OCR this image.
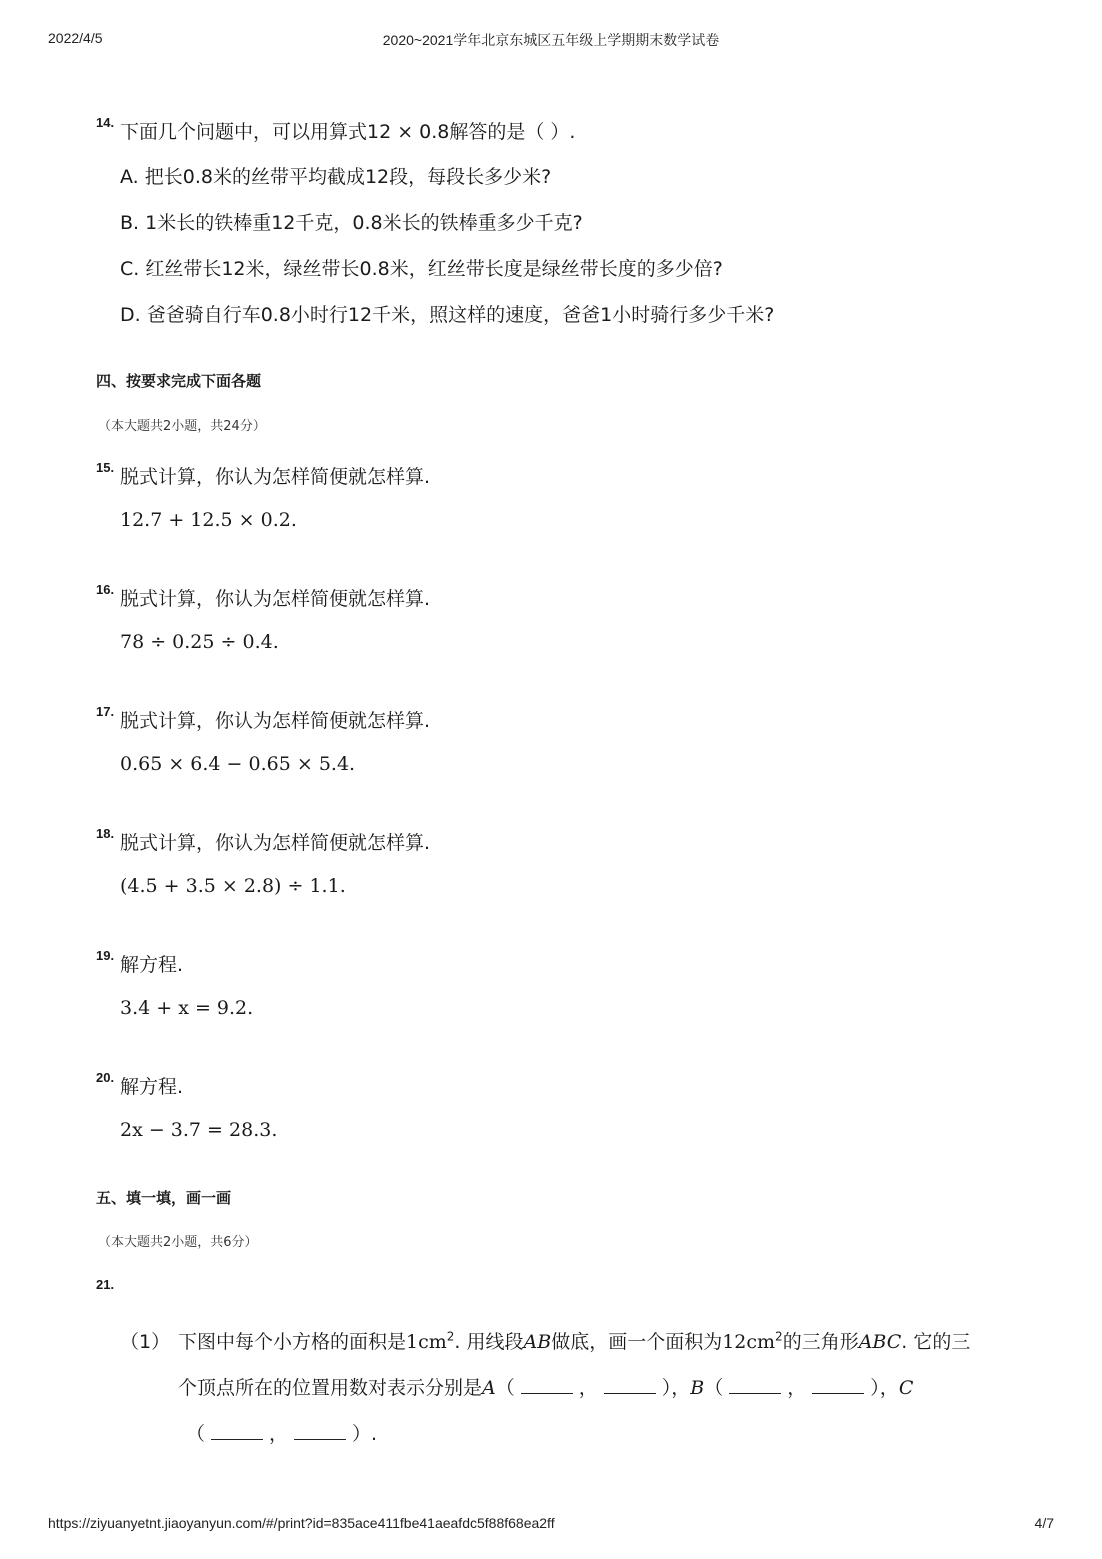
2022/4/5	2020~2021学年北京东城区五年级上学期期末数学试卷
14. 下面几个问题中，可以用算式12 × 0.8解答的是（ ）.
A. 把长0.8米的丝带平均截成12段，每段长多少米?
B. 1米长的铁棒重12千克，0.8米长的铁棒重多少千克?
C. 红丝带长12米，绿丝带长0.8米，红丝带长度是绿丝带长度的多少倍?
D. 爸爸骑自行车0.8小时行12千米，照这样的速度，爸爸1小时骑行多少千米?
四、按要求完成下面各题
（本大题共2小题，共24分）
15. 脱式计算，你认为怎样简便就怎样算.
12.7 + 12.5 × 0.2.
16. 脱式计算，你认为怎样简便就怎样算.
78 ÷ 0.25 ÷ 0.4.
17. 脱式计算，你认为怎样简便就怎样算.
0.65 × 6.4 − 0.65 × 5.4.
18. 脱式计算，你认为怎样简便就怎样算.
(4.5 + 3.5 × 2.8) ÷ 1.1.
19. 解方程.
3.4 + x = 9.2.
20. 解方程.
2x − 3.7 = 28.3.
五、填一填，画一画
（本大题共2小题，共6分）
21.
（1） 下图中每个小方格的面积是$1cm^2$. 用线段AB做底，画一个面积为$12cm^2$的三角形ABC. 它的三
个顶点所在的位置用数对表示分别是A（	，	），B（	，	），C
（	，	）.
https://ziyuanyetnt.jiaoyanyun.com/#/print?id=835ace411fbe41aeafdc5f88f68ea2ff	4/7
